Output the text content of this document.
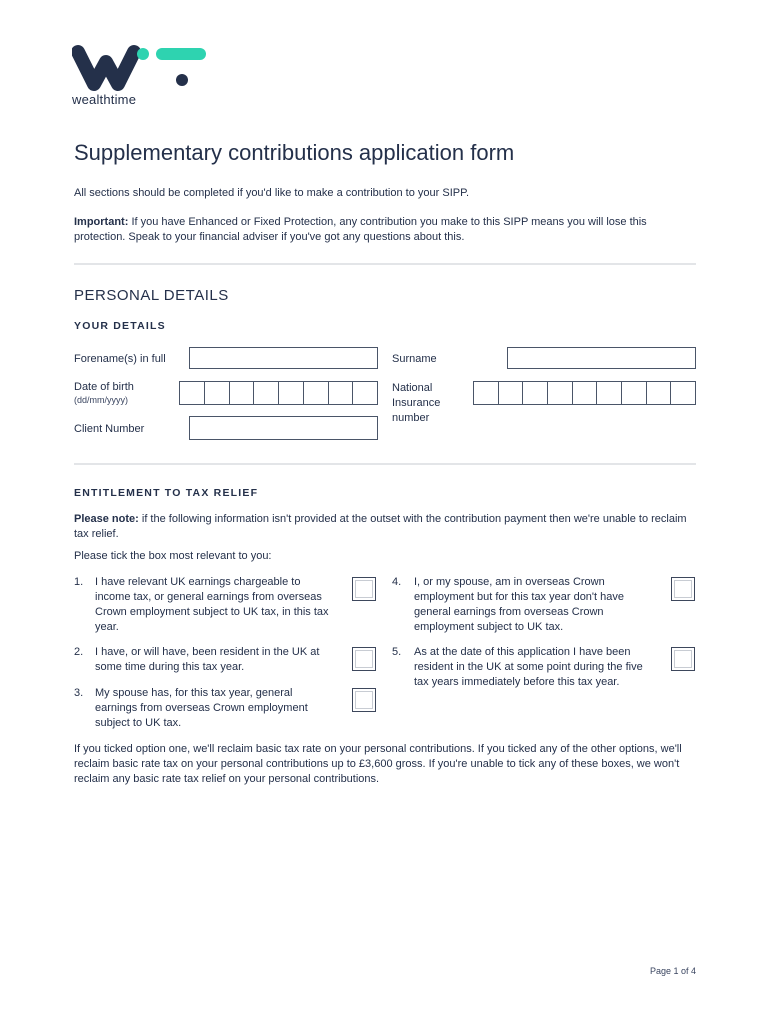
wealthtime
Supplementary contributions application form
All sections should be completed if you'd like to make a contribution to your SIPP.
Important: If you have Enhanced or Fixed Protection, any contribution you make to this SIPP means you will lose this protection. Speak to your financial adviser if you've got any questions about this.
PERSONAL DETAILS
YOUR DETAILS
Forename(s) in full	Surname
Date of birth
(dd/mm/yyyy)
National Insurance number
Client Number
ENTITLEMENT TO TAX RELIEF
Please note: if the following information isn't provided at the outset with the contribution payment then we're unable to reclaim tax relief.
Please tick the box most relevant to you:
1. I have relevant UK earnings chargeable to income tax, or general earnings from overseas Crown employment subject to UK tax, in this tax year.
2. I have, or will have, been resident in the UK at some time during this tax year.
3. My spouse has, for this tax year, general earnings from overseas Crown employment subject to UK tax.
4. I, or my spouse, am in overseas Crown employment but for this tax year don't have general earnings from overseas Crown employment subject to UK tax.
5. As at the date of this application I have been resident in the UK at some point during the five tax years immediately before this tax year.
If you ticked option one, we'll reclaim basic tax rate on your personal contributions. If you ticked any of the other options, we'll reclaim basic rate tax on your personal contributions up to £3,600 gross. If you're unable to tick any of these boxes, we won't reclaim any basic rate tax relief on your personal contributions.
Page 1 of 4
